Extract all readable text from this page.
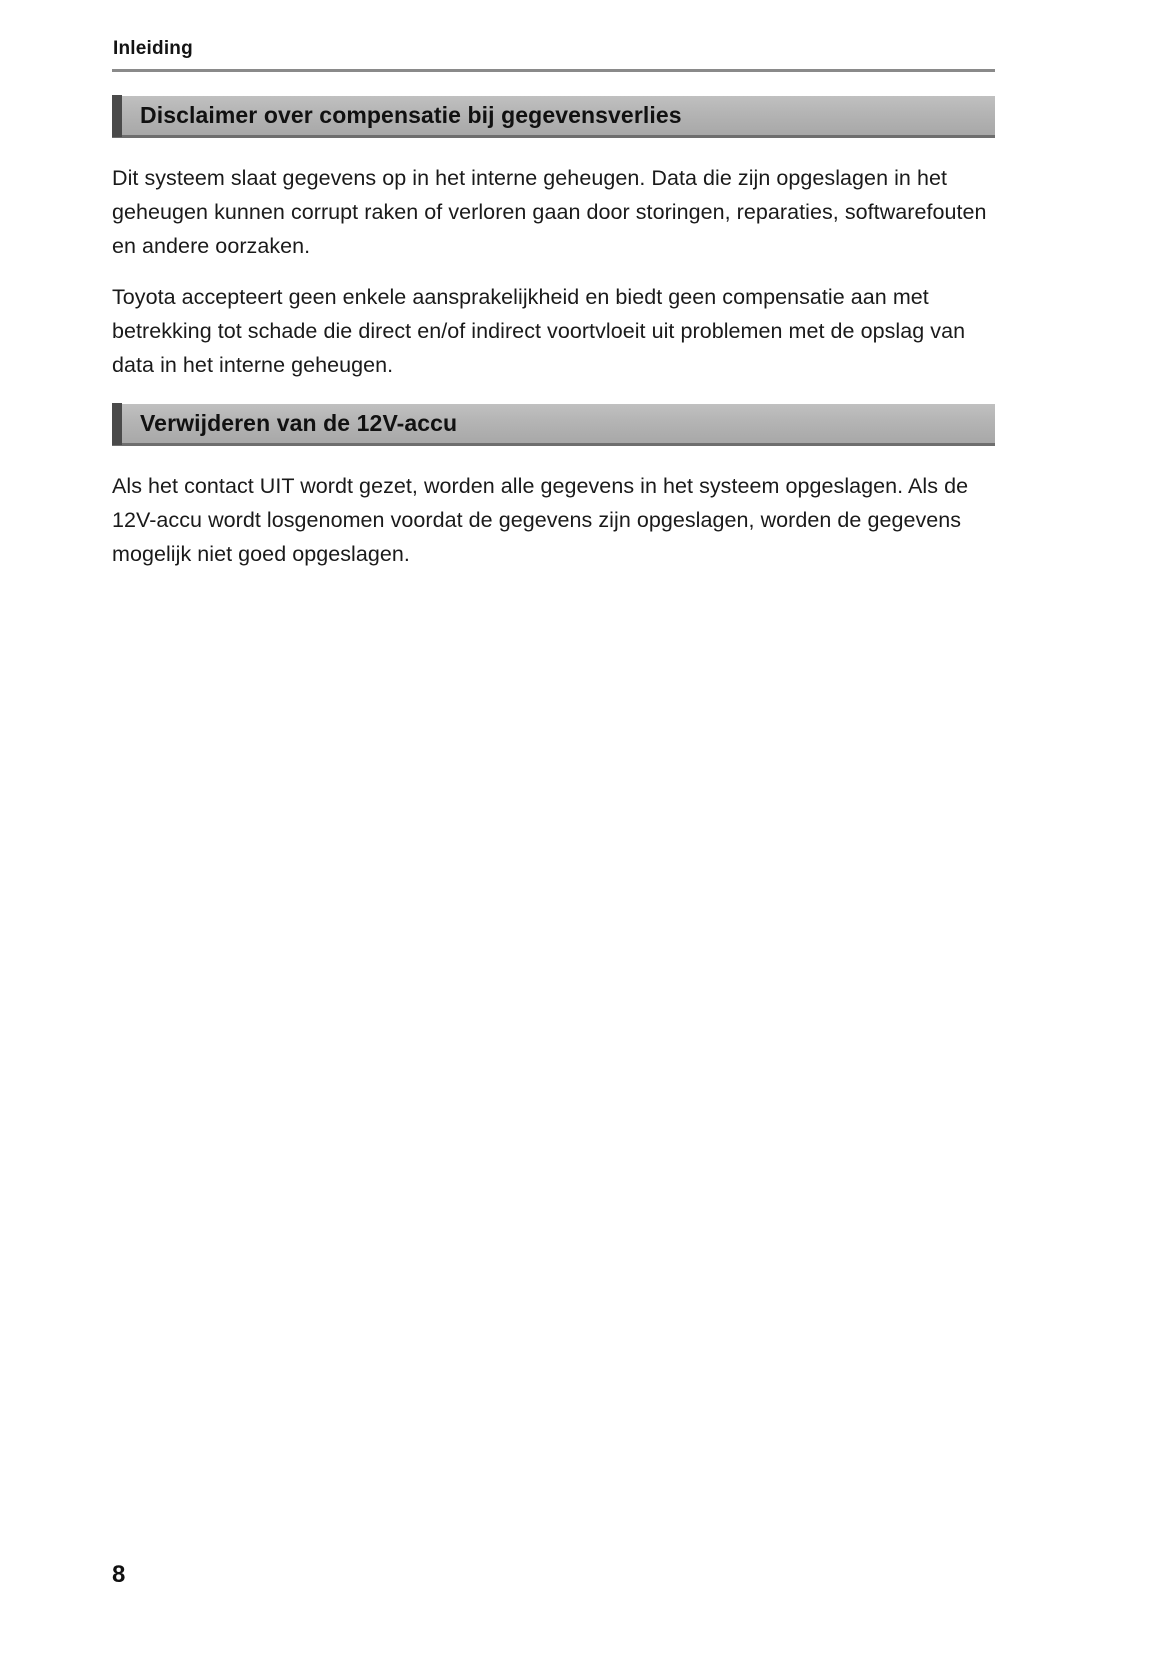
Inleiding
Disclaimer over compensatie bij gegevensverlies

Dit systeem slaat gegevens op in het interne geheugen. Data die zijn opgeslagen in het geheugen kunnen corrupt raken of verloren gaan door storingen, reparaties, softwarefouten en andere oorzaken.

Toyota accepteert geen enkele aansprakelijkheid en biedt geen compensatie aan met betrekking tot schade die direct en/of indirect voortvloeit uit problemen met de opslag van data in het interne geheugen.

Verwijderen van de 12V-accu

Als het contact UIT wordt gezet, worden alle gegevens in het systeem opgeslagen. Als de 12V-accu wordt losgenomen voordat de gegevens zijn opgeslagen, worden de gegevens mogelijk niet goed opgeslagen.

8
